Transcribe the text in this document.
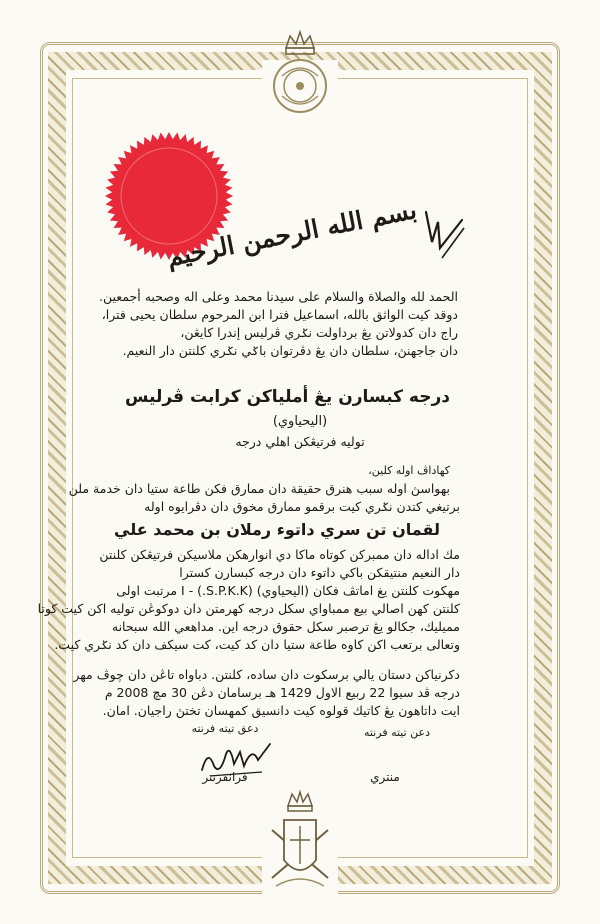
بسم الله الرحمن الرحيم
الحمد لله والصلاة والسلام على سيدنا محمد وعلى اله وصحبه أجمعين.
دوقد كيت الواثق بالله، اسماعيل فترا ابن المرحوم سلطان يحيى فترا،
راج دان كدولاتن يڠ برداولت نݢري ڤرليس إندرا كايڠن،
دان جاجهنڽ، سلطان دان يڠ دڤرتوان باݢي نݢري كلنتن دار النعيم.
درجه كبسارن يڠ أملياكن كرابت ڤرليس
(اليحياوي)
توليه فرتيڠكن اهلي درجه
كهاداڤ اوله كلين،
بهواسڽ اوله سبب هنرق حقيقة دان ممارق فكن طاعة ستيا دان خدمة ملن
برتيغي كتدن نݢري كيت برقمو ممارق مخوق دان دڤرايوه اوله
لقمان تن سري داتوء رملان بن محمد علي
مك اداله دان ممبركن كوتاه ماكا دي انوارهكن ملاسيكن فرتيڠكن كلنتن
دار النعيم منتيقكن باكي داتوء دان درجه كبسارن كسترا
مهكوت كلنتن يغ اماتڤ فكان (اليحياوي) (S.P.K.K.) - I مرتبت اولى
كلنتن كهن اصالي بيع ممباواي سكل درجه كهرمتن دان دوكوڠن توليه اكن كيت كوتا
مميليك، جكالو يڠ ترصبر سكل حقوق درجه اين. مداهعي الله سبحانه
وتعالى برتعب اكن كاوه طاعة ستيا دان كد كيت، كت سيكف دان كد نݢري كيت.
دكرنياكن دستان يالي برسكوت دان ساده، كلنتن. دباواه تاڠن دان چوڤ مهر
درجه ڤد سيوا 22 ربيع الاول 1429 هـ برسامان دڠن 30 مچ 2008 م
ايت داتاهون يڠ كاتيك قولوه كيت دانسيق كمهسان تختڽ راجيان. امان.
دعق تيته فرنته	دعن تيته فرنته
فرانفرنتر	منتري
